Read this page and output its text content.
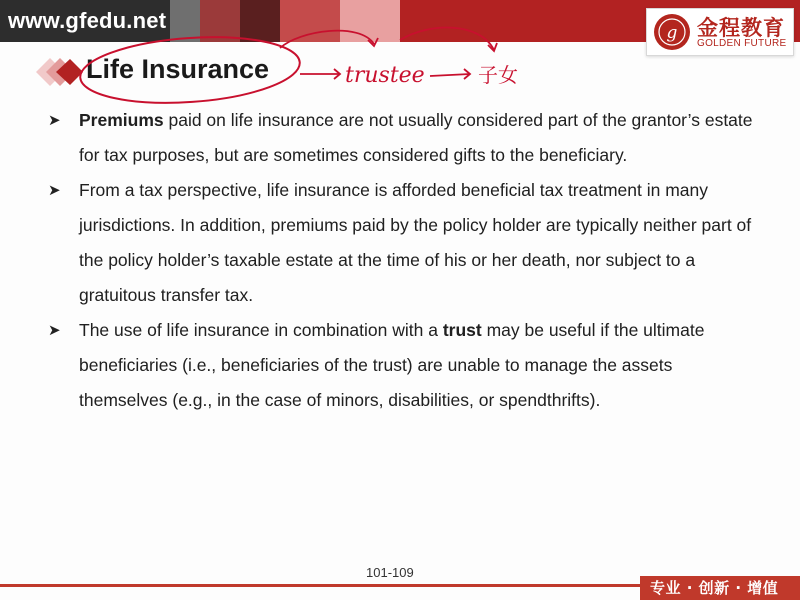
www.gfedu.net	g 金程教育
GOLDEN FUTURE
Life Insurance	trustee	子女
➤ Premiums paid on life insurance are not usually considered part of the grantor’s estate for tax purposes, but are sometimes considered gifts to the beneficiary.
➤ From a tax perspective, life insurance is afforded beneficial tax treatment in many jurisdictions. In addition, premiums paid by the policy holder are typically neither part of the policy holder’s taxable estate at the time of his or her death, nor subject to a gratuitous transfer tax.
➤ The use of life insurance in combination with a trust may be useful if the ultimate beneficiaries (i.e., beneficiaries of the trust) are unable to manage the assets themselves (e.g., in the case of minors, disabilities, or spendthrifts).
101-109
专业 · 创新 · 增值
